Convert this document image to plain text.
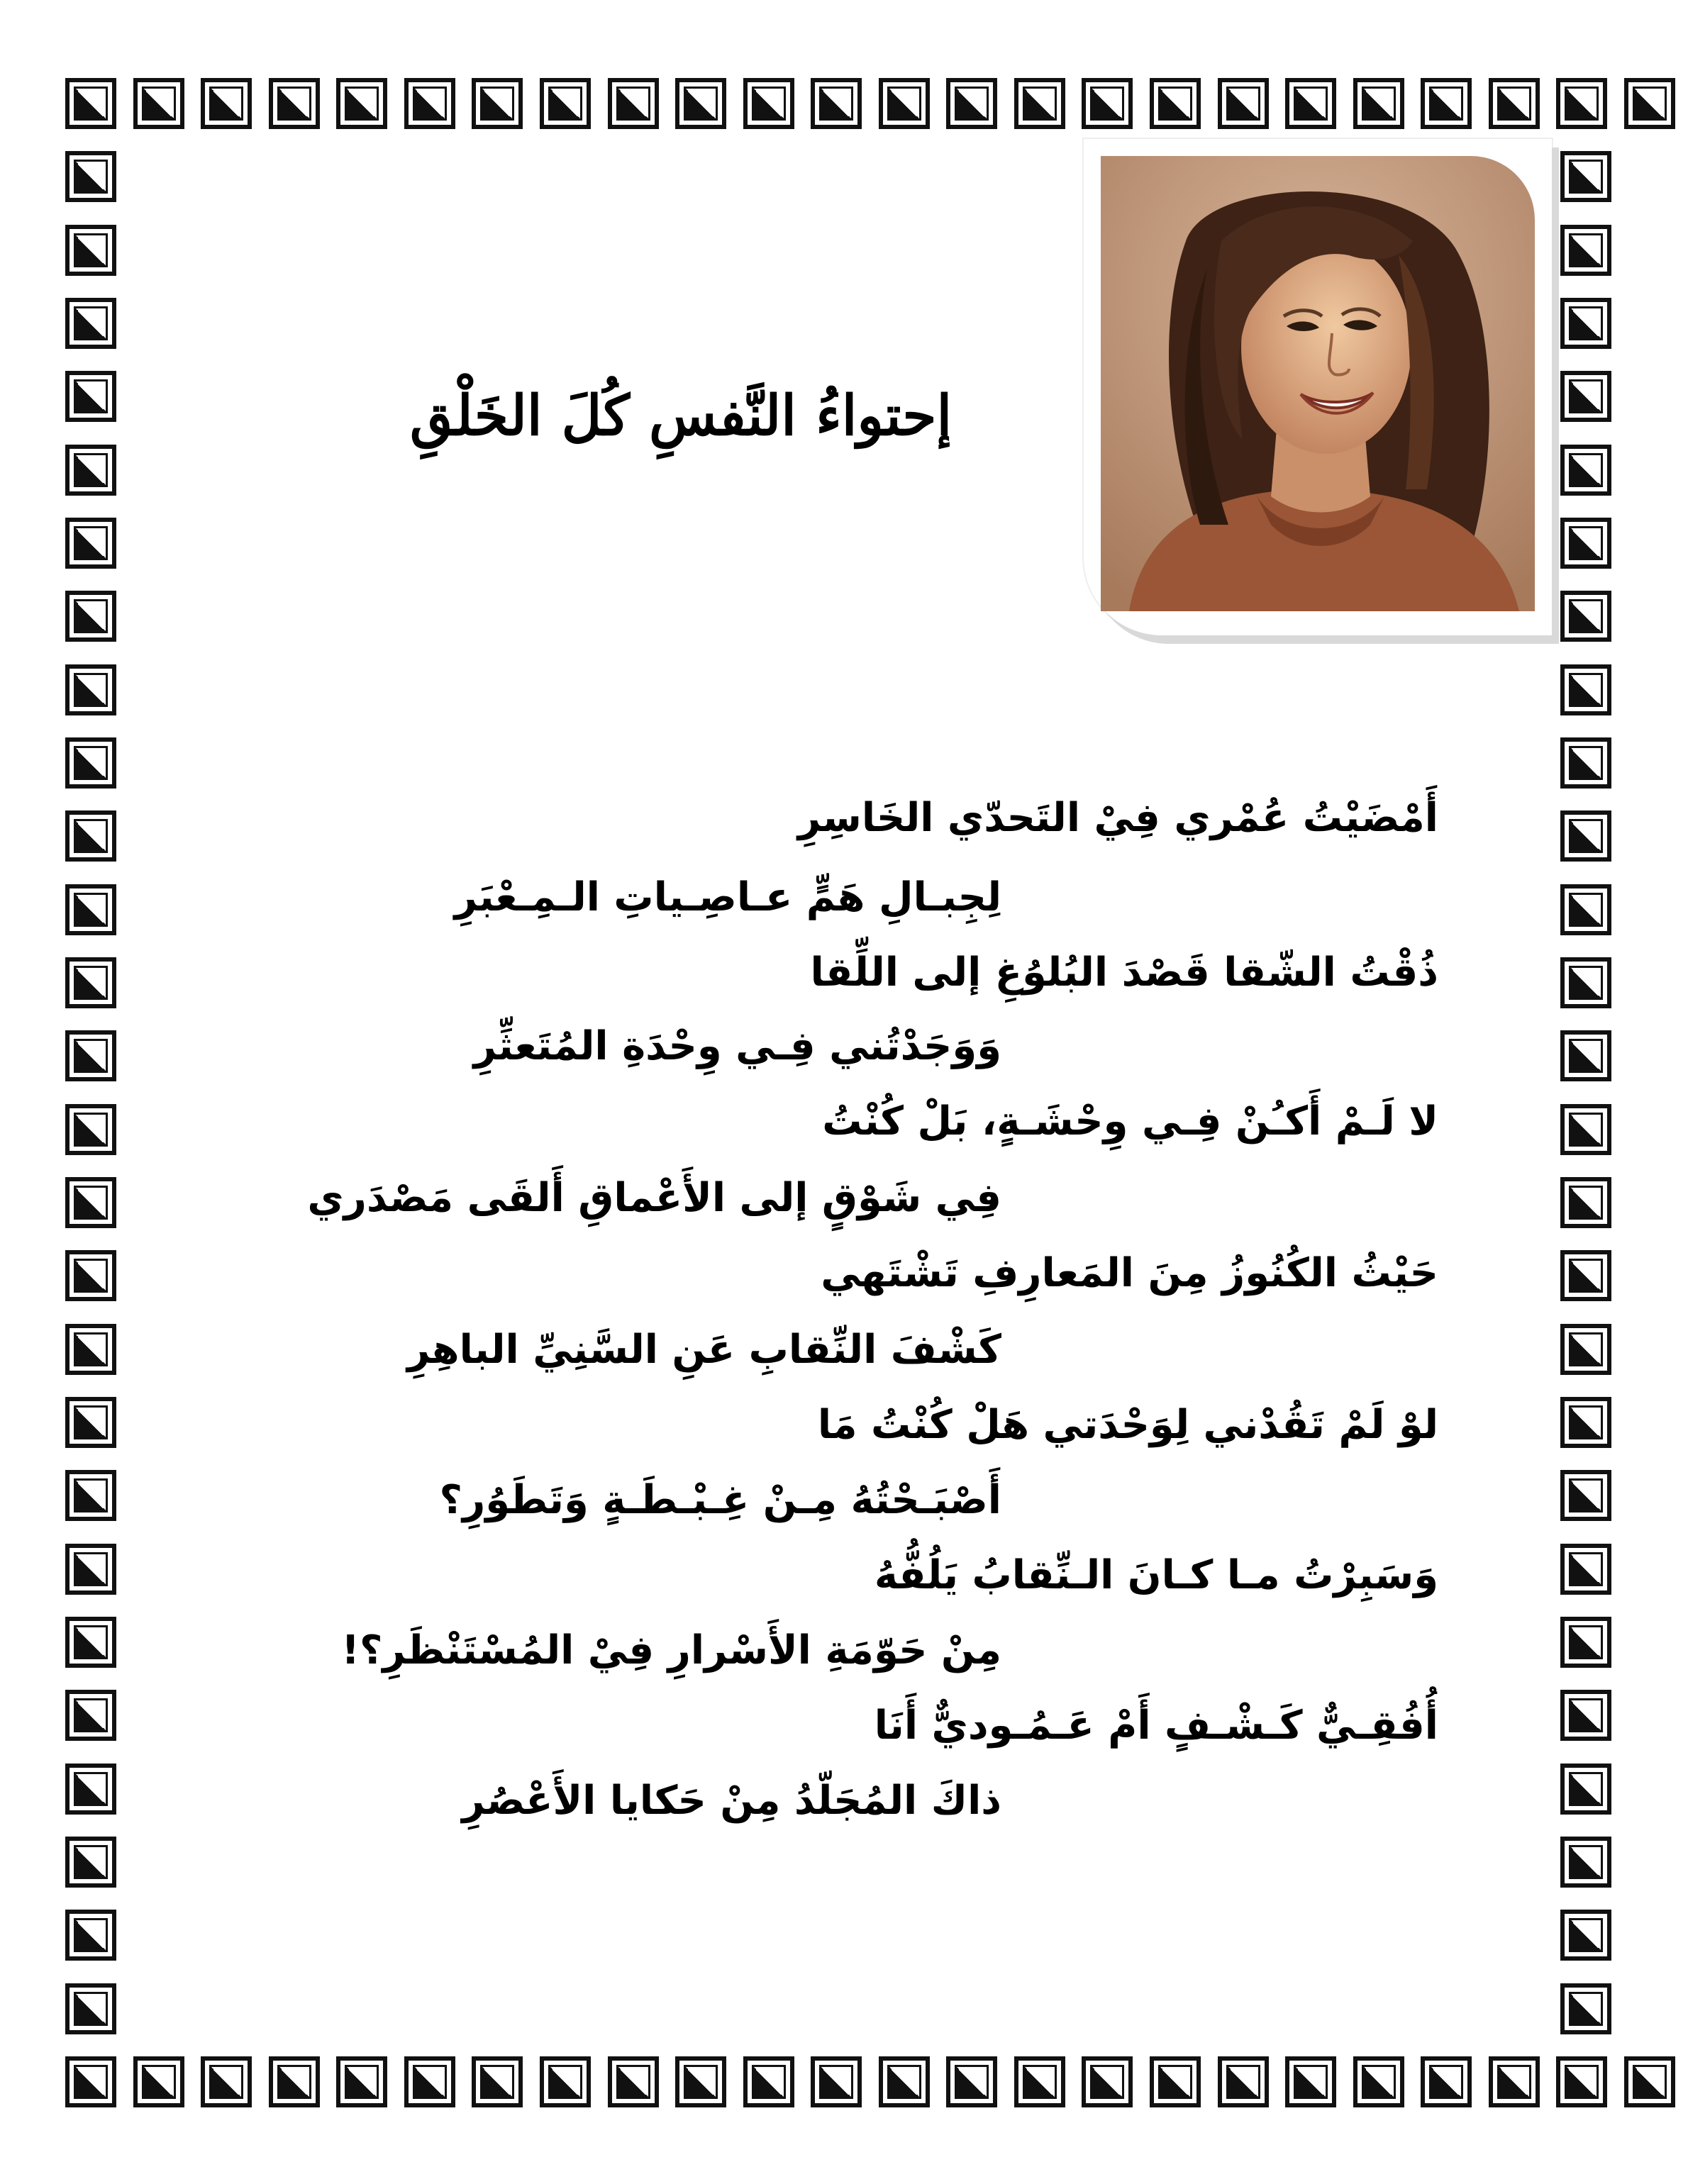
إحتواءُ النَّفسِ كُلَ الخَلْقِ
أَمْضَيْتُ عُمْري فِيْ التَحدّي الخَاسِرِ
لِجِبـالِ هَمٍّ عـاصِـياتِ الـمِـعْبَرِ
ذُقْتُ الشّقا قَصْدَ البُلوُغِ إلى اللِّقا
وَوَجَدْتُني فِـي وِحْدَةِ المُتَعثِّرِ
لا لَـمْ أَكـُنْ فِـي وِحْشَـةٍ، بَلْ كُنْتُ
فِي شَوْقٍ إلى الأَعْماقِ أَلقَى مَصْدَري
حَيْثُ الكُنُوزُ مِنَ المَعارِفِ تَشْتَهي
كَشْفَ النِّقابِ عَنِ السَّنِيِّ الباهِرِ
لوْ لَمْ تَقُدْني لِوَحْدَتي هَلْ كُنْتُ مَا
أَصْبَـحْتُهُ مِـنْ غِـبْـطَـةٍ وَتَطَوُرِ؟
وَسَبِرْتُ مـا كـانَ الـنِّقابُ يَلُفُّهُ
مِنْ حَوّمَةِ الأَسْرارِ فِيْ المُسْتَنْظَرِ؟!
أُفُقِـيٌّ كَـشْـفٍ أَمْ عَـمُـوديٌّ أَنَا
ذاكَ المُجَلّدُ مِنْ حَكايا الأَعْصُرِ
